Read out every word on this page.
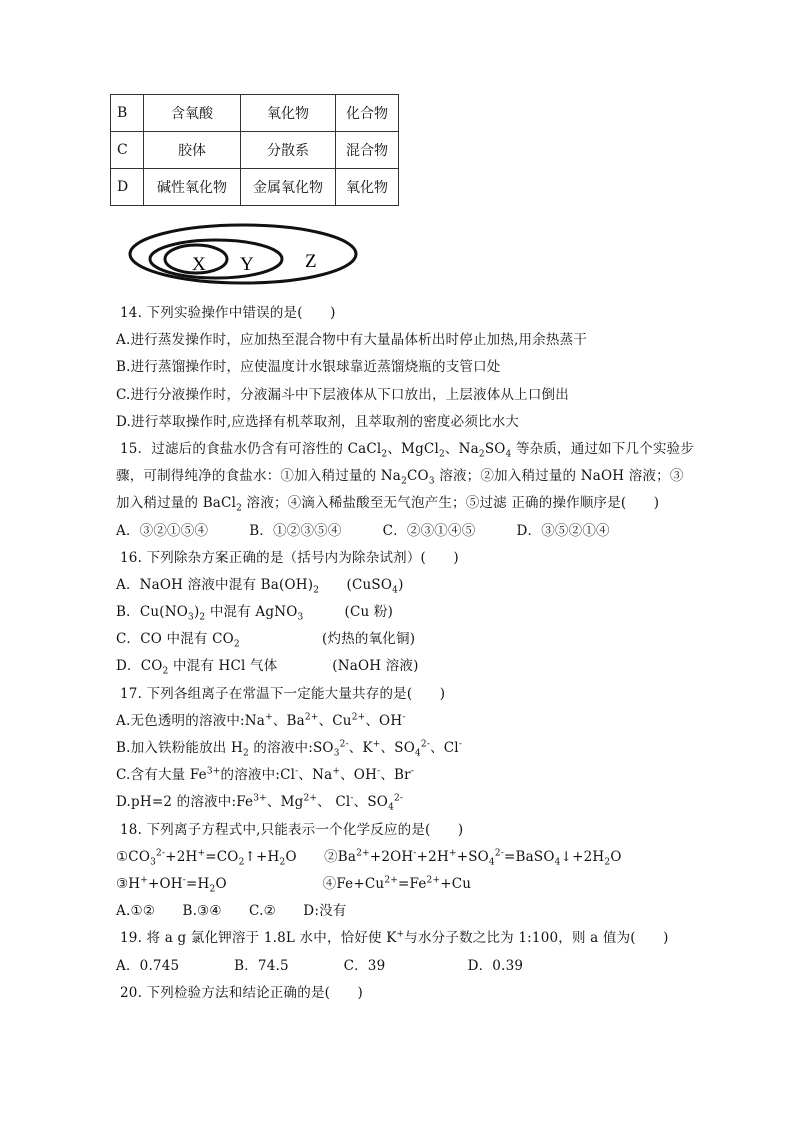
B	含氧酸	氧化物	化合物
C	胶体	分散系	混合物
D	碱性氧化物	金属氧化物	氧化物
X Y	Z
14. 下列实验操作中错误的是(　　)
A.进行蒸发操作时，应加热至混合物中有大量晶体析出时停止加热,用余热蒸干
B.进行蒸馏操作时，应使温度计水银球靠近蒸馏烧瓶的支管口处
C.进行分液操作时，分液漏斗中下层液体从下口放出，上层液体从上口倒出
D.进行萃取操作时,应选择有机萃取剂，且萃取剂的密度必须比水大
15．过滤后的食盐水仍含有可溶性的 CaCl$_2$、MgCl$_2$、$Na_2SO_4$ 等杂质，通过如下几个实验步
骤，可制得纯净的食盐水：①加入稍过量的 $Na_2CO_3$ 溶液；②加入稍过量的 NaOH 溶液；③
加入稍过量的 BaCl$_2$ 溶液；④滴入稀盐酸至无气泡产生；⑤过滤 正确的操作顺序是(　　)
A．③②①⑤④　　　B．①②③⑤④　　　C．②③①④⑤　　　D．③⑤②①④
16. 下列除杂方案正确的是（括号内为除杂试剂）(　　)
A．NaOH 溶液中混有 $Ba(OH)_2$　　(CuSO$_4$)
B．$Cu(NO_3)_2$ 中混有 AgNO$_3$　　　(Cu 粉)
C．CO 中混有 $CO_2$　　　　　　(灼热的氧化铜)
D．$CO_2$ 中混有 HCl 气体　　　　(NaOH 溶液)
17. 下列各组离子在常温下一定能大量共存的是(　　)
A.无色透明的溶液中:Na+、$Ba^{2+}$、$Cu^{2+}$、OH-
B.加入铁粉能放出 $H_2$ 的溶液中$:SO_3^{2-}$、K+、$SO_4^{2-}$、Cl-
C.含有大量 $Fe^{3+}$的溶液中:Cl-、Na+、OH-、Br-
D.pH=2 的溶液中$:Fe^{3+}$、$Mg^{2+}$、 Cl-、$SO_4^{2-}$
18. 下列离子方程式中,只能表示一个化学反应的是(　　)
$①CO_3^{2-}+2H^+=CO_2↑+H_2O$　　$②Ba^{2+}+2OH^-+2H^++SO_4^{2-}=BaSO_4↓+2H_2O$
$③H^++OH^-=H_2O$　　　　　　　$④Fe+Cu^{2+}=Fe^{2+}+Cu$
A.①②　　B.③④　　C.②　　D:没有
19. 将 a g 氯化钾溶于 1.8L 水中，恰好使 K+与水分子数之比为 1:100，则 a 值为(　　)
A．0.745　　　　B．74.5　　　　C．39　　　　　　D．0.39
20. 下列检验方法和结论正确的是(　　)
